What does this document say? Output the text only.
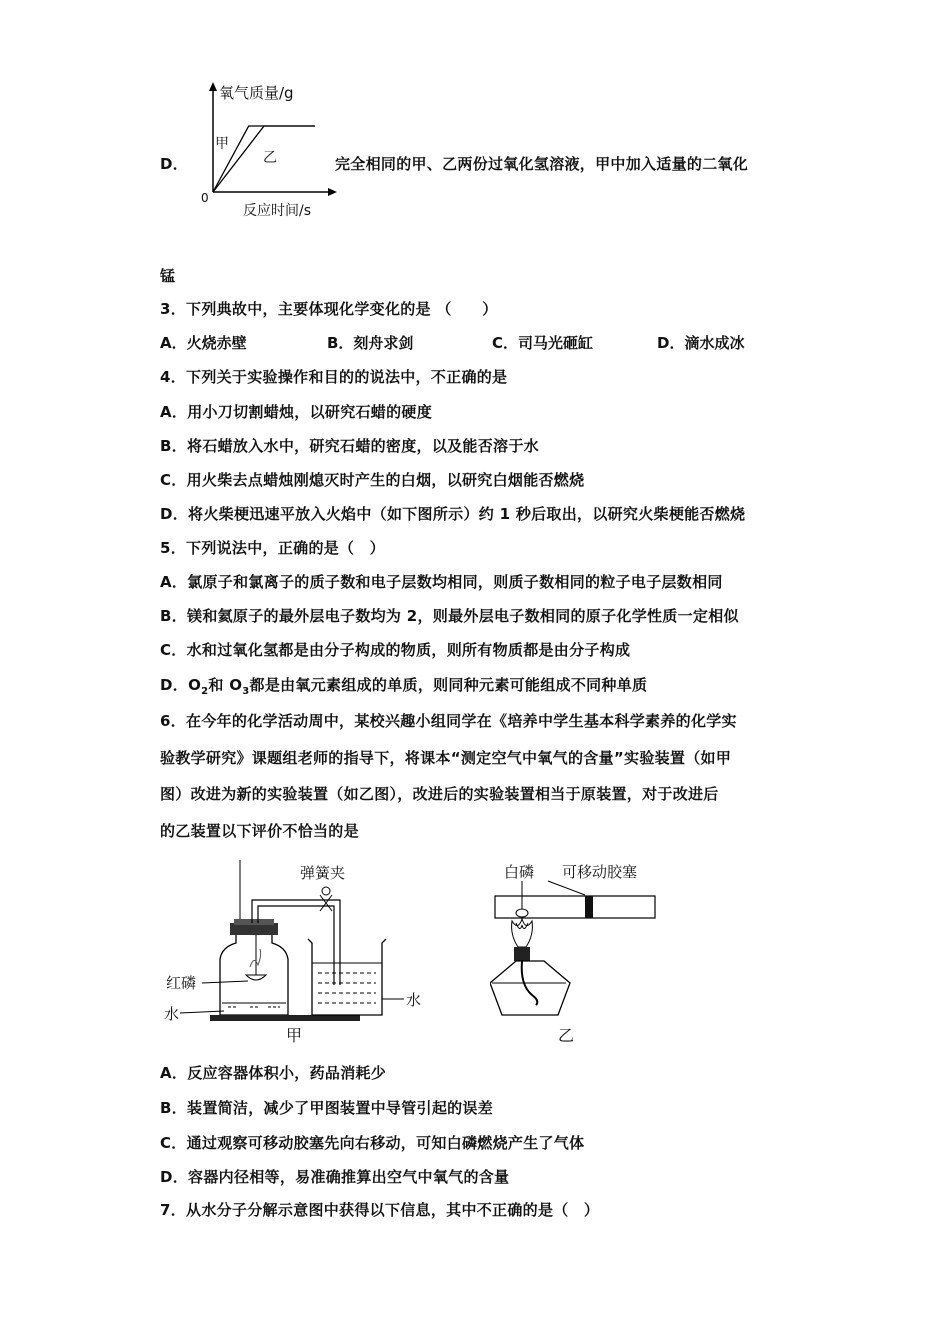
D．
氧气质量/g
反应时间/s
0
甲
乙	完全相同的甲、乙两份过氧化氢溶液，甲中加入适量的二氧化
锰
3．下列典故中，主要体现化学变化的是 （　　）
A．火烧赤壁	B．刻舟求剑	C．司马光砸缸	D．滴水成冰
4．下列关于实验操作和目的的说法中，不正确的是
A．用小刀切割蜡烛，以研究石蜡的硬度
B．将石蜡放入水中，研究石蜡的密度，以及能否溶于水
C．用火柴去点蜡烛刚熄灭时产生的白烟，以研究白烟能否燃烧
D．将火柴梗迅速平放入火焰中（如下图所示）约 1 秒后取出，以研究火柴梗能否燃烧
5．下列说法中，正确的是（　）
A．氯原子和氯离子的质子数和电子层数均相同，则质子数相同的粒子电子层数相同
B．镁和氦原子的最外层电子数均为 2，则最外层电子数相同的原子化学性质一定相似
C．水和过氧化氢都是由分子构成的物质，则所有物质都是由分子构成
D．$O_2$和 $O_3$都是由氧元素组成的单质，则同种元素可能组成不同种单质
6．在今年的化学活动周中，某校兴趣小组同学在《培养中学生基本科学素养的化学实
验教学研究》课题组老师的指导下，将课本“测定空气中氧气的含量”实验装置（如甲
图）改进为新的实验装置（如乙图），改进后的实验装置相当于原装置，对于改进后
的乙装置以下评价不恰当的是
弹簧夹
红磷
水
水
甲
白磷 可移动胶塞
乙
A．反应容器体积小，药品消耗少
B．装置简洁，减少了甲图装置中导管引起的误差
C．通过观察可移动胶塞先向右移动，可知白磷燃烧产生了气体
D．容器内径相等，易准确推算出空气中氧气的含量
7．从水分子分解示意图中获得以下信息，其中不正确的是（　）
